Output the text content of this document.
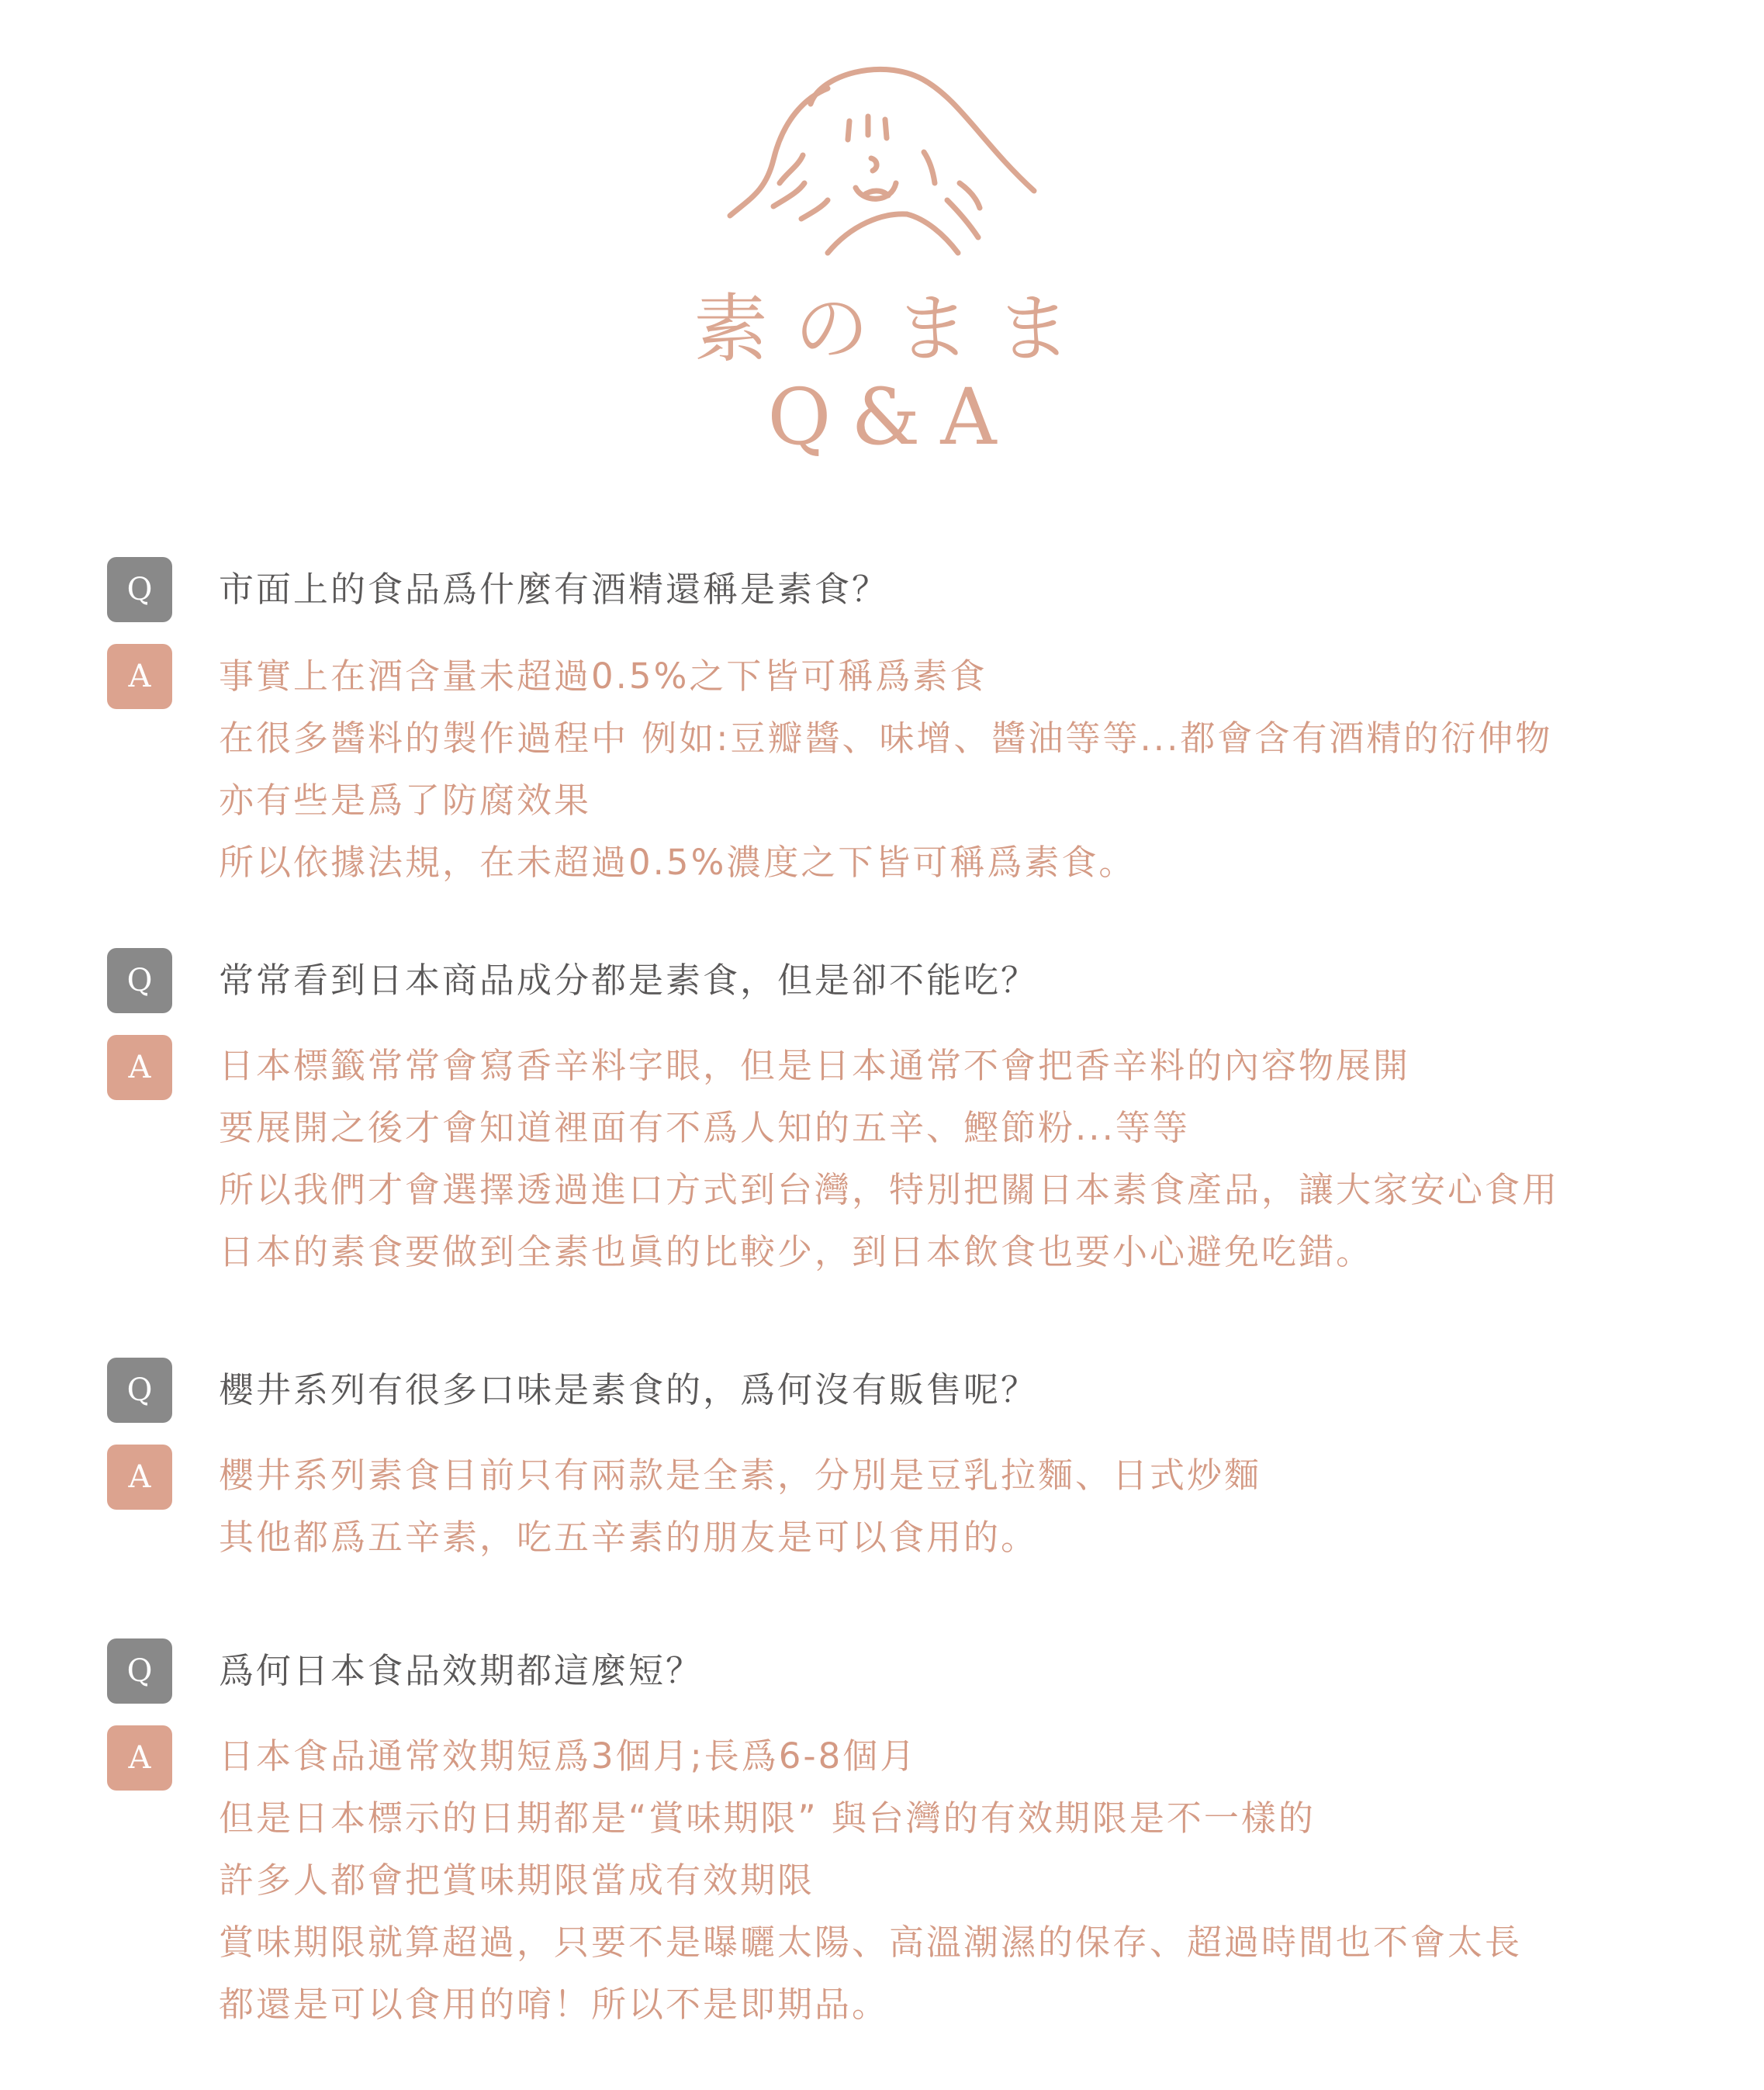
素のまま
Q&A
Q	市面上的食品爲什麼有酒精還稱是素食？
A	事實上在酒含量未超過0.5%之下皆可稱爲素食
在很多醬料的製作過程中 例如:豆瓣醬、味增、醬油等等...都會含有酒精的衍伸物
亦有些是爲了防腐效果
所以依據法規，在未超過0.5%濃度之下皆可稱爲素食。
Q	常常看到日本商品成分都是素食，但是卻不能吃？
A	日本標籤常常會寫香辛料字眼，但是日本通常不會把香辛料的內容物展開
要展開之後才會知道裡面有不爲人知的五辛、鰹節粉...等等
所以我們才會選擇透過進口方式到台灣，特別把關日本素食產品，讓大家安心食用
日本的素食要做到全素也眞的比較少，到日本飲食也要小心避免吃錯。
Q	櫻井系列有很多口味是素食的，爲何沒有販售呢？
A	櫻井系列素食目前只有兩款是全素，分別是豆乳拉麵、日式炒麵
其他都爲五辛素，吃五辛素的朋友是可以食用的。
Q	爲何日本食品效期都這麼短？
A	日本食品通常效期短爲3個月;長爲6-8個月
但是日本標示的日期都是“賞味期限” 與台灣的有效期限是不一樣的
許多人都會把賞味期限當成有效期限
賞味期限就算超過，只要不是曝曬太陽、高溫潮濕的保存、超過時間也不會太長
都還是可以食用的唷！所以不是即期品。
